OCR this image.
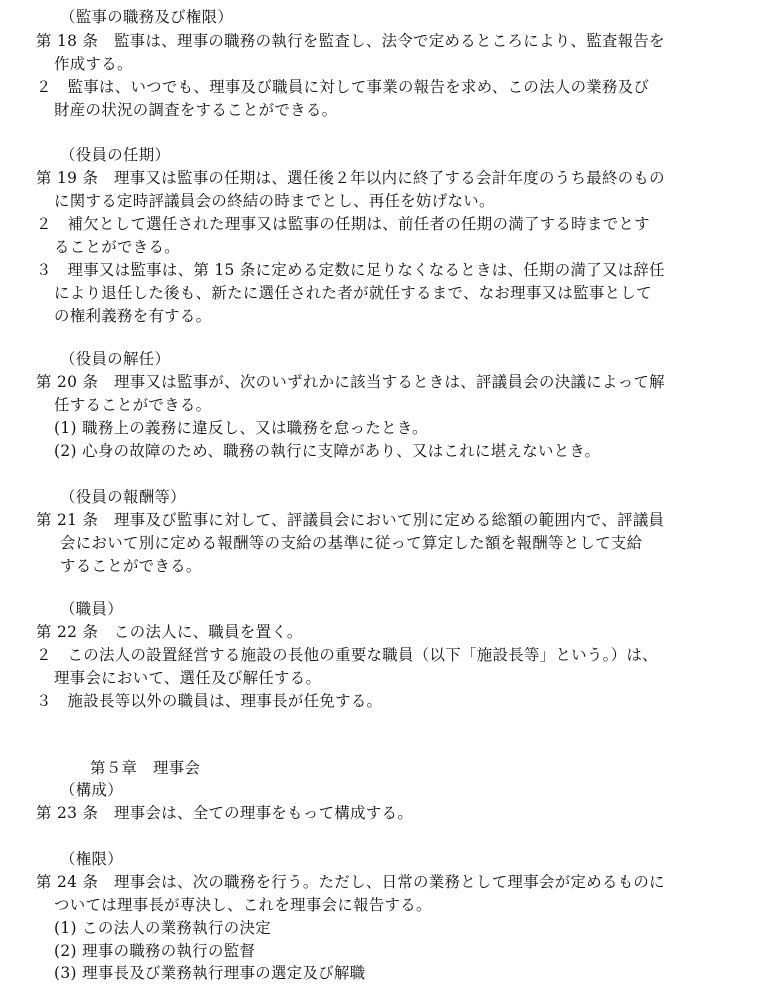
（監事の職務及び権限）
第 18 条　監事は、理事の職務の執行を監査し、法令で定めるところにより、監査報告を
作成する。
２　監事は、いつでも、理事及び職員に対して事業の報告を求め、この法人の業務及び
財産の状況の調査をすることができる。
（役員の任期）
第 19 条　理事又は監事の任期は、選任後２年以内に終了する会計年度のうち最終のもの
に関する定時評議員会の終結の時までとし、再任を妨げない。
２　補欠として選任された理事又は監事の任期は、前任者の任期の満了する時までとす
ることができる。
３　理事又は監事は、第 15 条に定める定数に足りなくなるときは、任期の満了又は辞任
により退任した後も、新たに選任された者が就任するまで、なお理事又は監事として
の権利義務を有する。
（役員の解任）
第 20 条　理事又は監事が、次のいずれかに該当するときは、評議員会の決議によって解
任することができる。
(1) 職務上の義務に違反し、又は職務を怠ったとき。
(2) 心身の故障のため、職務の執行に支障があり、又はこれに堪えないとき。
（役員の報酬等）
第 21 条　理事及び監事に対して、評議員会において別に定める総額の範囲内で、評議員
会において別に定める報酬等の支給の基準に従って算定した額を報酬等として支給
することができる。
（職員）
第 22 条　この法人に、職員を置く。
２　この法人の設置経営する施設の長他の重要な職員（以下「施設長等」という。）は、
理事会において、選任及び解任する。
３　施設長等以外の職員は、理事長が任免する。
第５章　理事会
（構成）
第 23 条　理事会は、全ての理事をもって構成する。
（権限）
第 24 条　理事会は、次の職務を行う。ただし、日常の業務として理事会が定めるものに
ついては理事長が専決し、これを理事会に報告する。
(1) この法人の業務執行の決定
(2) 理事の職務の執行の監督
(3) 理事長及び業務執行理事の選定及び解職
